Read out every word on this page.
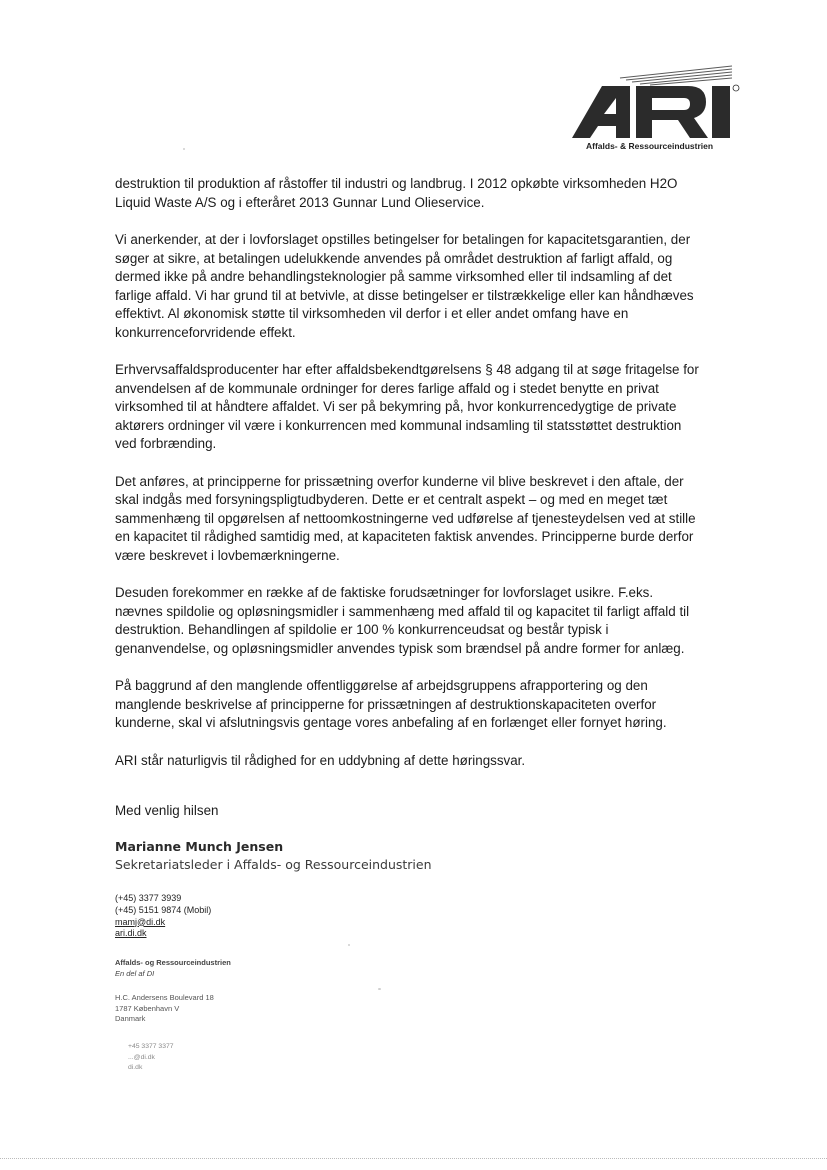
Affalds- & Ressourceindustrien

destruktion til produktion af råstoffer til industri og landbrug. I 2012 opkøbte virksomheden H2O
Liquid Waste A/S og i efteråret 2013 Gunnar Lund Olieservice.

Vi anerkender, at der i lovforslaget opstilles betingelser for betalingen for kapacitetsgarantien, der
søger at sikre, at betalingen udelukkende anvendes på området destruktion af farligt affald, og
dermed ikke på andre behandlingsteknologier på samme virksomhed eller til indsamling af det
farlige affald. Vi har grund til at betvivle, at disse betingelser er tilstrækkelige eller kan håndhæves
effektivt. Al økonomisk støtte til virksomheden vil derfor i et eller andet omfang have en
konkurrenceforvridende effekt.

Erhvervsaffaldsproducenter har efter affaldsbekendtgørelsens § 48 adgang til at søge fritagelse for
anvendelsen af de kommunale ordninger for deres farlige affald og i stedet benytte en privat
virksomhed til at håndtere affaldet. Vi ser på bekymring på, hvor konkurrencedygtige de private
aktørers ordninger vil være i konkurrencen med kommunal indsamling til statsstøttet destruktion
ved forbrænding.

Det anføres, at principperne for prissætning overfor kunderne vil blive beskrevet i den aftale, der
skal indgås med forsyningspligtudbyderen. Dette er et centralt aspekt – og med en meget tæt
sammenhæng til opgørelsen af nettoomkostningerne ved udførelse af tjenesteydelsen ved at stille
en kapacitet til rådighed samtidig med, at kapaciteten faktisk anvendes. Principperne burde derfor
være beskrevet i lovbemærkningerne.

Desuden forekommer en række af de faktiske forudsætninger for lovforslaget usikre. F.eks.
nævnes spildolie og opløsningsmidler i sammenhæng med affald til og kapacitet til farligt affald til
destruktion. Behandlingen af spildolie er 100 % konkurrenceudsat og består typisk i
genanvendelse, og opløsningsmidler anvendes typisk som brændsel på andre former for anlæg.

På baggrund af den manglende offentliggørelse af arbejdsgruppens afrapportering og den
manglende beskrivelse af principperne for prissætningen af destruktionskapaciteten overfor
kunderne, skal vi afslutningsvis gentage vores anbefaling af en forlænget eller fornyet høring.

ARI står naturligvis til rådighed for en uddybning af dette høringssvar.

Med venlig hilsen
Marianne Munch Jensen
Sekretariatsleder i Affalds- og Ressourceindustrien
(+45) 3377 3939
(+45) 5151 9874 (Mobil)
mamj@di.dk
ari.di.dk
Affalds- og Ressourceindustrien
En del af DI
H.C. Andersens Boulevard 18
1787 København V
Danmark
+45 3377 3377
...@di.dk
di.dk
